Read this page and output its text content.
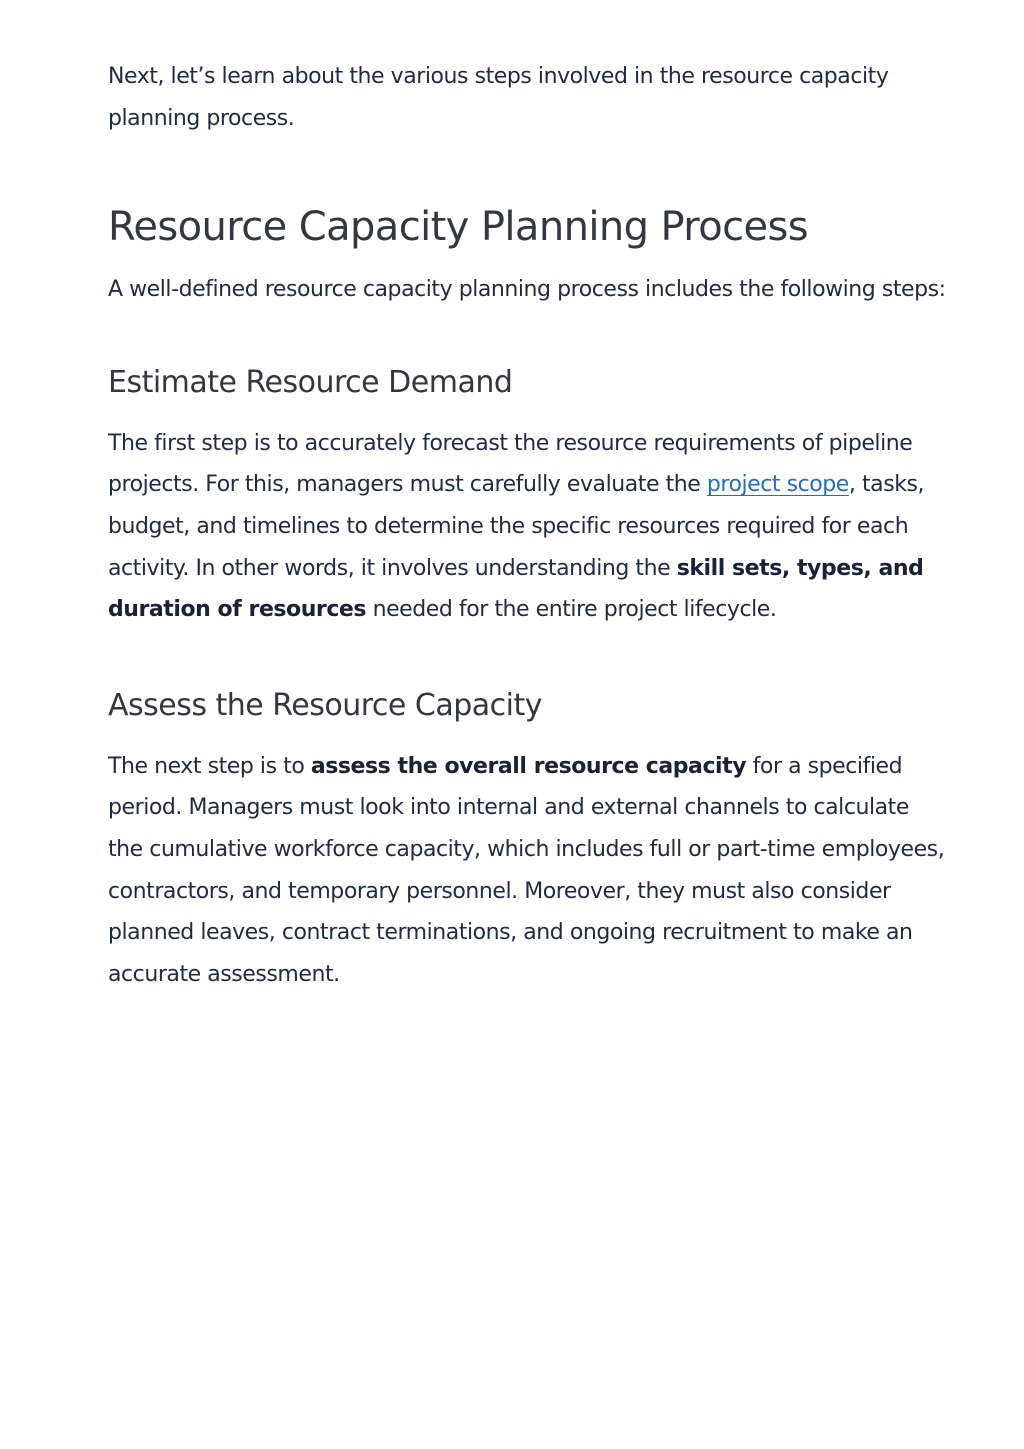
Next, let’s learn about the various steps involved in the resource capacity planning process.

Resource Capacity Planning Process

A well-defined resource capacity planning process includes the following steps:

Estimate Resource Demand

The first step is to accurately forecast the resource requirements of pipeline projects. For this, managers must carefully evaluate the project scope, tasks, budget, and timelines to determine the specific resources required for each activity. In other words, it involves understanding the skill sets, types, and duration of resources needed for the entire project lifecycle.

Assess the Resource Capacity

The next step is to assess the overall resource capacity for a specified period. Managers must look into internal and external channels to calculate the cumulative workforce capacity, which includes full or part-time employees, contractors, and temporary personnel. Moreover, they must also consider planned leaves, contract terminations, and ongoing recruitment to make an accurate assessment.
